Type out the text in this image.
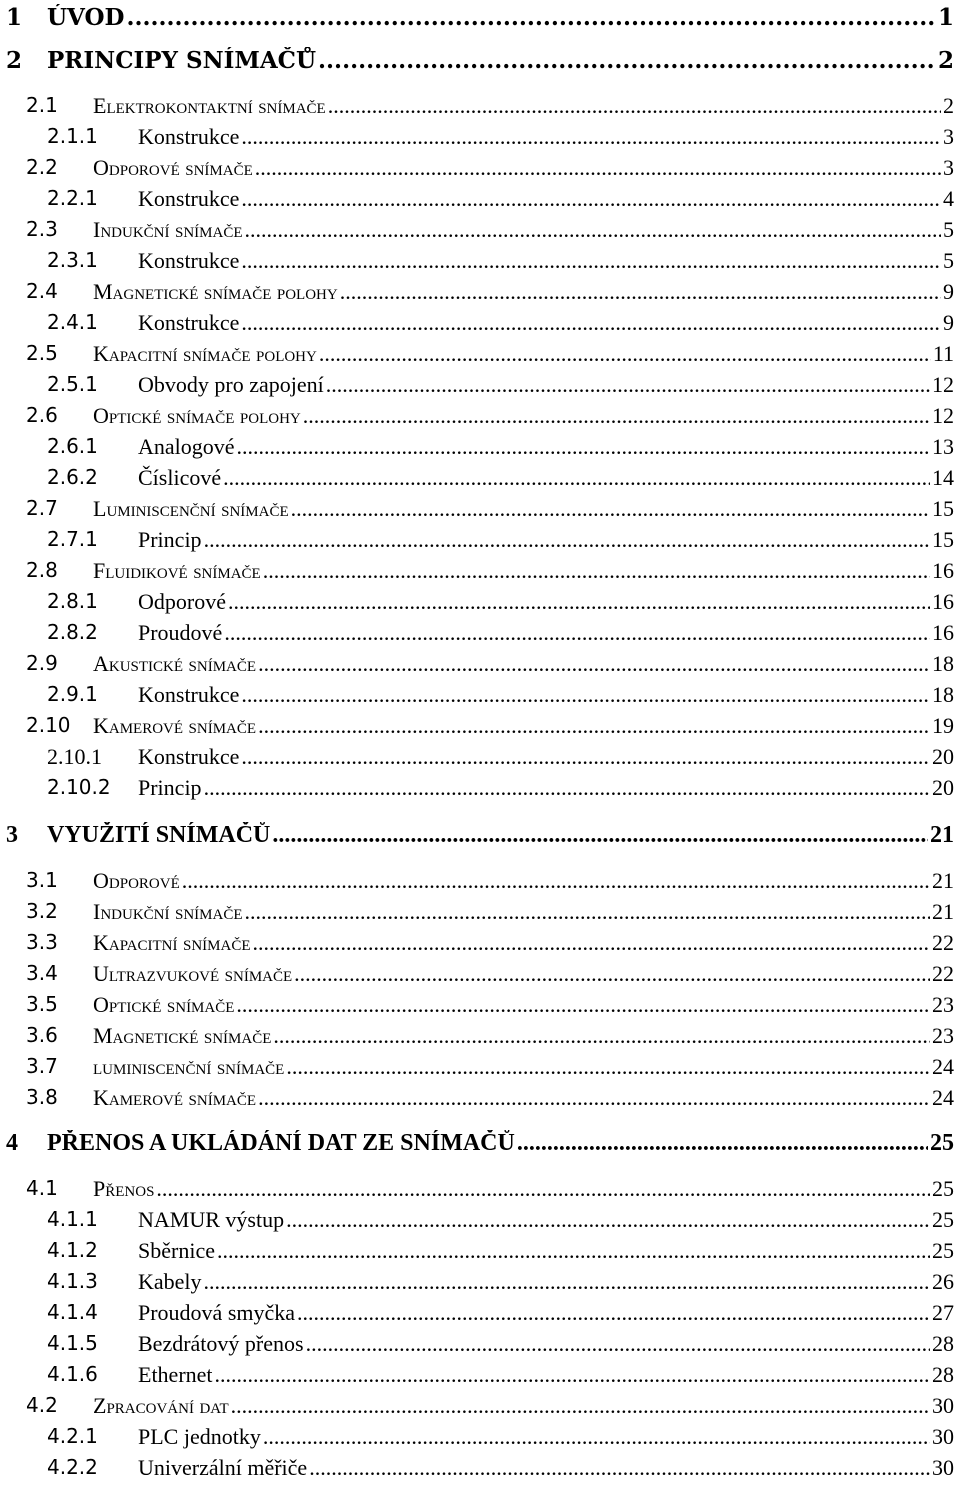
1 ÚVOD .....	1
2 PRINCIPY SNÍMAČŮ .....	2
2.1 Elektrokontaktní snímače .....	2
2.1.1 Konstrukce .....	3
2.2 Odporové snímače .....	3
2.2.1 Konstrukce .....	4
2.3 Indukční snímače .....	5
2.3.1 Konstrukce .....	5
2.4 Magnetické snímače polohy .....	9
2.4.1 Konstrukce .....	9
2.5 Kapacitní snímače polohy .....	11
2.5.1 Obvody pro zapojení .....	12
2.6 Optické snímače polohy .....	12
2.6.1 Analogové .....	13
2.6.2 Číslicové .....	14
2.7 Luminiscenční snímače .....	15
2.7.1 Princip .....	15
2.8 Fluidikové snímače .....	16
2.8.1 Odporové .....	16
2.8.2 Proudové .....	16
2.9 Akustické snímače .....	18
2.9.1 Konstrukce .....	18
2.10 Kamerové snímače .....	19
2.10.1 Konstrukce .....	20
2.10.2 Princip .....	20
3 VYUŽITÍ SNÍMAČŮ .....	21
3.1 Odporové .....	21
3.2 Indukční snímače .....	21
3.3 Kapacitní snímače .....	22
3.4 Ultrazvukové snímače .....	22
3.5 Optické snímače .....	23
3.6 Magnetické snímače .....	23
3.7 luminiscenční snímače .....	24
3.8 Kamerové snímače .....	24
4 PŘENOS A UKLÁDÁNÍ DAT ZE SNÍMAČŮ .....	25
4.1 Přenos .....	25
4.1.1 NAMUR výstup .....	25
4.1.2 Sběrnice .....	25
4.1.3 Kabely .....	26
4.1.4 Proudová smyčka .....	27
4.1.5 Bezdrátový přenos .....	28
4.1.6 Ethernet .....	28
4.2 Zpracování dat .....	30
4.2.1 PLC jednotky .....	30
4.2.2 Univerzální měřiče .....	30
